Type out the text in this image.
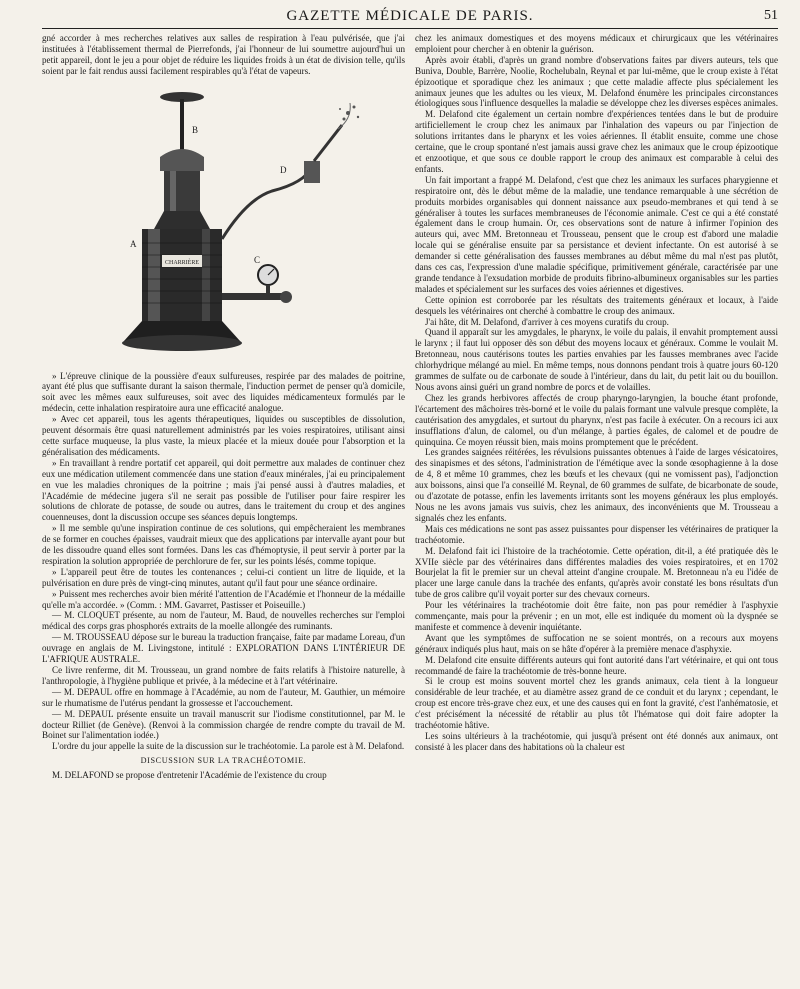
GAZETTE MÉDICALE DE PARIS.	51

gné accorder à mes recherches relatives aux salles de respiration à l'eau pulvérisée, que j'ai instituées à l'établissement thermal de Pierrefonds, j'ai l'honneur de lui soumettre aujourd'hui un petit appareil, dont le jeu a pour objet de réduire les liquides froids à un état de division telle, qu'ils soient par le fait rendus aussi facilement respirables qu'à l'état de vapeurs.

CHARRIÈRE
A
B
C
D

» L'épreuve clinique de la poussière d'eaux sulfureuses, respirée par des malades de poitrine, ayant été plus que suffisante durant la saison thermale, l'induction permet de penser qu'à domicile, soit avec les mêmes eaux sulfureuses, soit avec des liquides médicamenteux formulés par le médecin, cette inhalation respiratoire aura une efficacité analogue.

» Avec cet appareil, tous les agents thérapeutiques, liquides ou susceptibles de dissolution, peuvent désormais être quasi naturellement administrés par les voies respiratoires, utilisant ainsi cette surface muqueuse, la plus vaste, la mieux placée et la mieux douée pour l'absorption et la généralisation des médicaments.

» En travaillant à rendre portatif cet appareil, qui doit permettre aux malades de continuer chez eux une médication utilement commencée dans une station d'eaux minérales, j'ai eu principalement en vue les maladies chroniques de la poitrine ; mais j'ai pensé aussi à d'autres maladies, et l'Académie de médecine jugera s'il ne serait pas possible de l'utiliser pour faire respirer les solutions de chlorate de potasse, de soude ou autres, dans le traitement du croup et des angines couenneuses, dont la discussion occupe ses séances depuis longtemps.

» Il me semble qu'une inspiration continue de ces solutions, qui empêcheraient les membranes de se former en couches épaisses, vaudrait mieux que des applications par intervalle ayant pour but de les dissoudre quand elles sont formées. Dans les cas d'hémoptysie, il peut servir à porter par la respiration la solution appropriée de perchlorure de fer, sur les points lésés, comme topique.

» L'appareil peut être de toutes les contenances ; celui-ci contient un litre de liquide, et la pulvérisation en dure près de vingt-cinq minutes, autant qu'il faut pour une séance ordinaire.

» Puissent mes recherches avoir bien mérité l'attention de l'Académie et l'honneur de la médaille qu'elle m'a accordée. » (Comm. : MM. Gavarret, Pastisser et Poiseuille.)

— M. CLOQUET présente, au nom de l'auteur, M. Baud, de nouvelles recherches sur l'emploi médical des corps gras phosphorés extraits de la moelle allongée des ruminants.

— M. TROUSSEAU dépose sur le bureau la traduction française, faite par madame Loreau, d'un ouvrage en anglais de M. Livingstone, intitulé : EXPLORATION DANS L'INTÉRIEUR DE L'AFRIQUE AUSTRALE.

Ce livre renferme, dit M. Trousseau, un grand nombre de faits relatifs à l'histoire naturelle, à l'anthropologie, à l'hygiène publique et privée, à la médecine et à l'art vétérinaire.

— M. DEPAUL offre en hommage à l'Académie, au nom de l'auteur, M. Gauthier, un mémoire sur le rhumatisme de l'utérus pendant la grossesse et l'accouchement.

— M. DEPAUL présente ensuite un travail manuscrit sur l'iodisme constitutionnel, par M. le docteur Rilliet (de Genève). (Renvoi à la commission chargée de rendre compte du travail de M. Boinet sur l'alimentation iodée.)

L'ordre du jour appelle la suite de la discussion sur le trachéotomie. La parole est à M. Delafond.

DISCUSSION SUR LA TRACHÉOTOMIE.

M. DELAFOND se propose d'entretenir l'Académie de l'existence du croup

chez les animaux domestiques et des moyens médicaux et chirurgicaux que les vétérinaires emploient pour chercher à en obtenir la guérison.

Après avoir établi, d'après un grand nombre d'observations faites par divers auteurs, tels que Buniva, Double, Barrère, Noolie, Rochelubaln, Reynal et par lui-même, que le croup existe à l'état épizootique et sporadique chez les animaux ; que cette maladie affecte plus spécialement les animaux jeunes que les adultes ou les vieux, M. Delafond énumère les principales circonstances étiologiques sous l'influence desquelles la maladie se développe chez les diverses espèces animales.

M. Delafond cite également un certain nombre d'expériences tentées dans le but de produire artificiellement le croup chez les animaux par l'inhalation des vapeurs ou par l'injection de solutions irritantes dans le pharynx et les voies aériennes. Il établit ensuite, comme une chose certaine, que le croup spontané n'est jamais aussi grave chez les animaux que le croup épizootique et enzootique, et que sous ce double rapport le croup des animaux est comparable à celui des enfants.

Un fait important a frappé M. Delafond, c'est que chez les animaux les surfaces pharygienne et respiratoire ont, dès le début même de la maladie, une tendance remarquable à une sécrétion de produits morbides organisables qui donnent naissance aux pseudo-membranes et qui tend à se généraliser à toutes les surfaces membraneuses de l'économie animale. C'est ce qui a été constaté également dans le croup humain. Or, ces observations sont de nature à infirmer l'opinion des auteurs qui, avec MM. Bretonneau et Trousseau, pensent que le croup est d'abord une maladie locale qui se généralise ensuite par sa persistance et devient infectante. On est autorisé à se demander si cette généralisation des fausses membranes au début même du mal n'est pas plutôt, dans ces cas, l'expression d'une maladie spécifique, primitivement générale, caractérisée par une grande tendance à l'exsudation morbide de produits fibrino-albumineux organisables sur les parties malades et spécialement sur les surfaces des voies aériennes et digestives.

Cette opinion est corroborée par les résultats des traitements généraux et locaux, à l'aide desquels les vétérinaires ont cherché à combattre le croup des animaux.

J'ai hâte, dit M. Delafond, d'arriver à ces moyens curatifs du croup.

Quand il apparaît sur les amygdales, le pharynx, le voile du palais, il envahit promptement aussi le larynx ; il faut lui opposer dès son début des moyens locaux et généraux. Comme le voulait M. Bretonneau, nous cautérisons toutes les parties envahies par les fausses membranes avec l'acide chlorhydrique mélangé au miel. En même temps, nous donnons pendant trois à quatre jours 60-120 grammes de sulfate ou de carbonate de soude à l'intérieur, dans du lait, du petit lait ou du bouillon. Nous avons ainsi guéri un grand nombre de porcs et de volailles.

Chez les grands herbivores affectés de croup pharyngo-laryngien, la bouche étant profonde, l'écartement des mâchoires très-borné et le voile du palais formant une valvule presque complète, la cautérisation des amygdales, et surtout du pharynx, n'est pas facile à exécuter. On a recours ici aux insufflations d'alun, de calomel, ou d'un mélange, à parties égales, de calomel et de poudre de quinquina. Ce moyen réussit bien, mais moins promptement que le précédent.

Les grandes saignées réitérées, les révulsions puissantes obtenues à l'aide de larges vésicatoires, des sinapismes et des sétons, l'administration de l'émétique avec la sonde œsophagienne à la dose de 4, 8 et même 10 grammes, chez les bœufs et les chevaux (qui ne vomissent pas), l'adjonction aux boissons, ainsi que l'a conseillé M. Reynal, de 60 grammes de sulfate, de bicarbonate de soude, ou d'azotate de potasse, enfin les lavements irritants sont les moyens généraux les plus employés. Nous ne les avons jamais vus suivis, chez les animaux, des inconvénients que M. Trousseau a signalés chez les enfants.

Mais ces médications ne sont pas assez puissantes pour dispenser les vétérinaires de pratiquer la trachéotomie.

M. Delafond fait ici l'histoire de la trachéotomie. Cette opération, dit-il, a été pratiquée dès le XVIIe siècle par des vétérinaires dans différentes maladies des voies respiratoires, et en 1702 Bourjelat la fit le premier sur un cheval atteint d'angine croupale. M. Bretonneau n'a eu l'idée de placer une large canule dans la trachée des enfants, qu'après avoir constaté les bons résultats d'un tube de gros calibre qu'il voyait porter sur des chevaux corneurs.

Pour les vétérinaires la trachéotomie doit être faite, non pas pour remédier à l'asphyxie commençante, mais pour la prévenir ; en un mot, elle est indiquée du moment où la dyspnée se manifeste et commence à devenir inquiétante.

Avant que les symptômes de suffocation ne se soient montrés, on a recours aux moyens généraux indiqués plus haut, mais on se hâte d'opérer à la première menace d'asphyxie.

M. Delafond cite ensuite différents auteurs qui font autorité dans l'art vétérinaire, et qui ont tous recommandé de faire la trachéotomie de très-bonne heure.

Si le croup est moins souvent mortel chez les grands animaux, cela tient à la longueur considérable de leur trachée, et au diamètre assez grand de ce conduit et du larynx ; cependant, le croup est encore très-grave chez eux, et une des causes qui en font la gravité, c'est l'anhématosie, et c'est précisément la nécessité de rétablir au plus tôt l'hématose qui doit faire adopter la trachéotomie hâtive.

Les soins ultérieurs à la trachéotomie, qui jusqu'à présent ont été donnés aux animaux, ont consisté à les placer dans des habitations où la chaleur est
